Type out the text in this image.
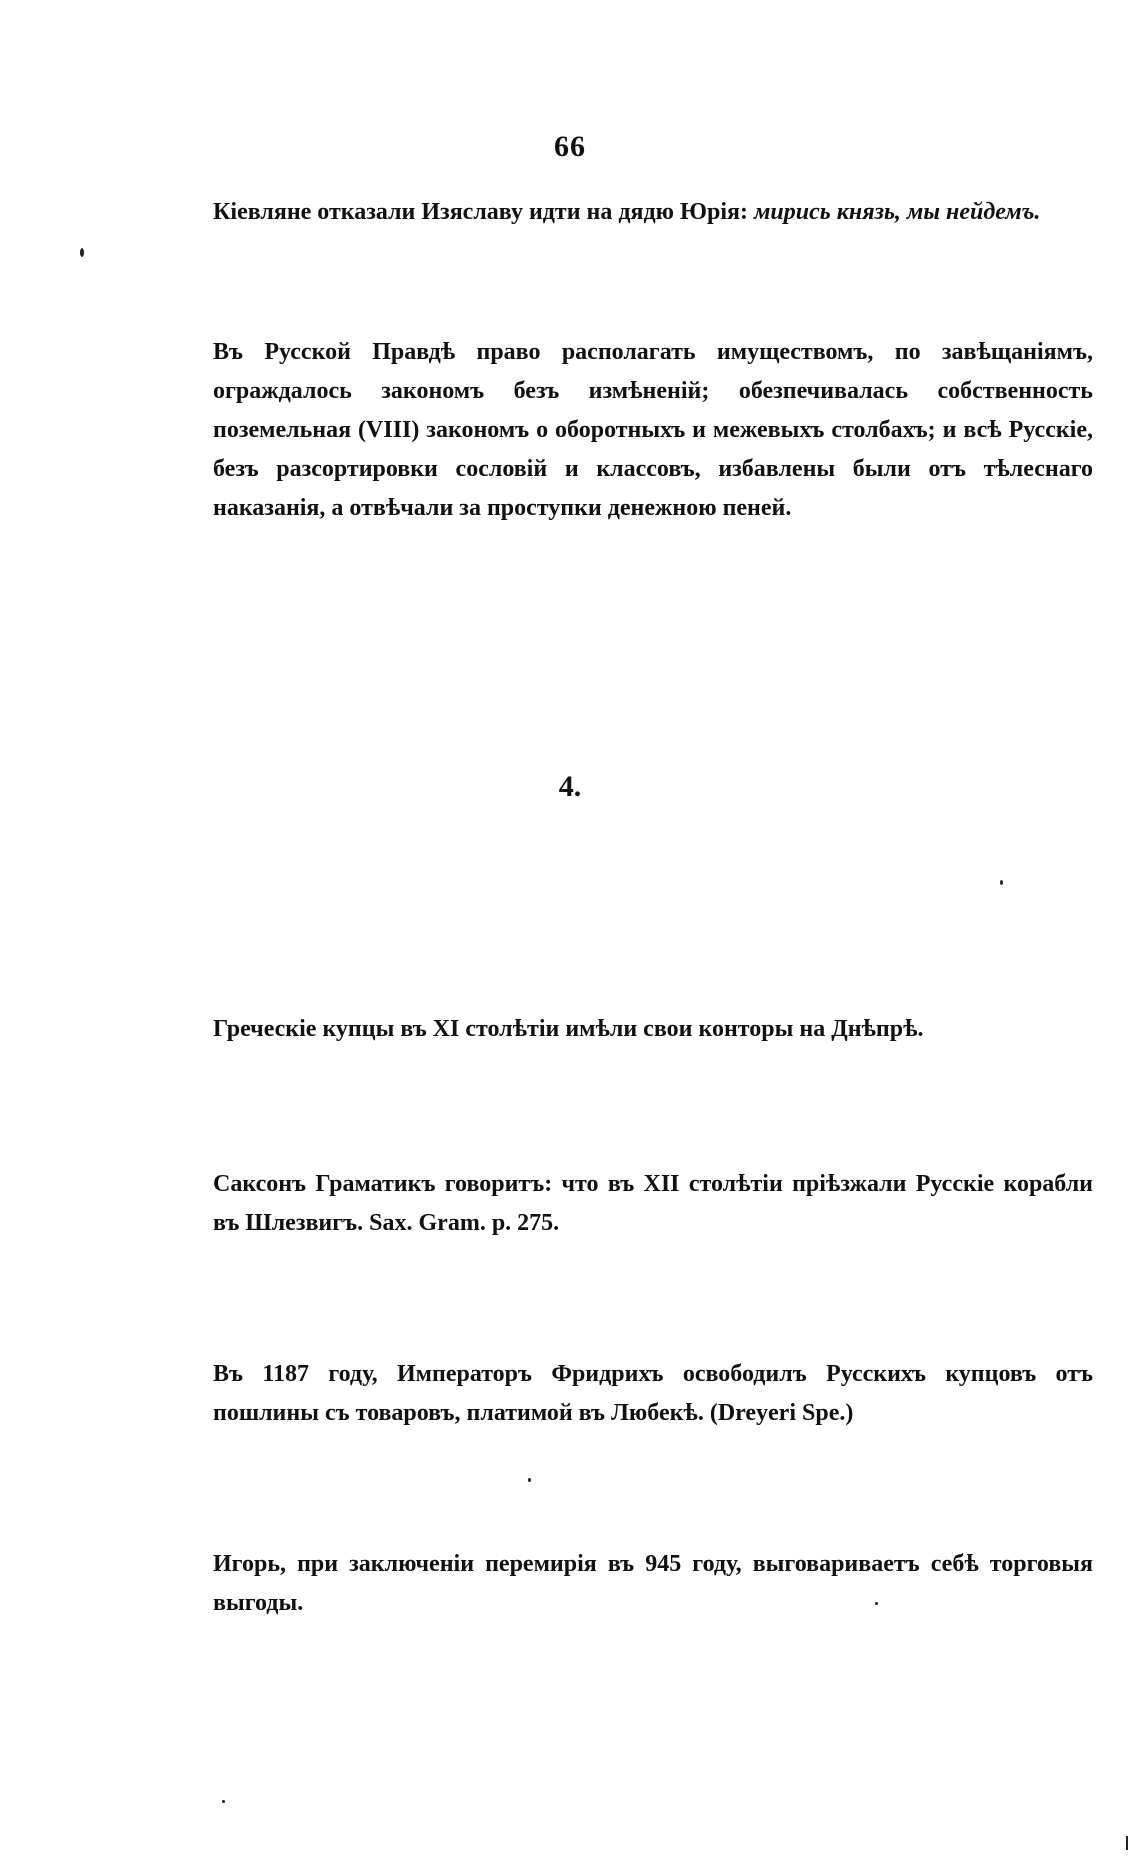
66
Кіевляне отказали Изяславу идти на дядю Юрія: мирись князь, мы нейдемъ.
Въ Русской Правдѣ право располагать имуществомъ, по завѣщаніямъ, ограждалось закономъ безъ измѣненій; обезпечивалась собственность поземельная (VIII) закономъ о оборотныхъ и межевыхъ столбахъ; и всѣ Русскіе, безъ разсортировки сословій и классовъ, избавлены были отъ тѣлеснаго наказанія, а отвѣчали за проступки денежною пеней.
4.
Греческіе купцы въ XI столѣтіи имѣли свои конторы на Днѣпрѣ.
Саксонъ Граматикъ говоритъ: что въ XII столѣтіи пріѣзжали Русскіе корабли въ Шлезвигъ. Sax. Gram. p. 275.
Въ 1187 году, Императоръ Фридрихъ освободилъ Русскихъ купцовъ отъ пошлины съ товаровъ, платимой въ Любекѣ. (Dreyeri Spe.)
Игорь, при заключеніи перемирія въ 945 году, выговариваетъ себѣ торговыя выгоды.
